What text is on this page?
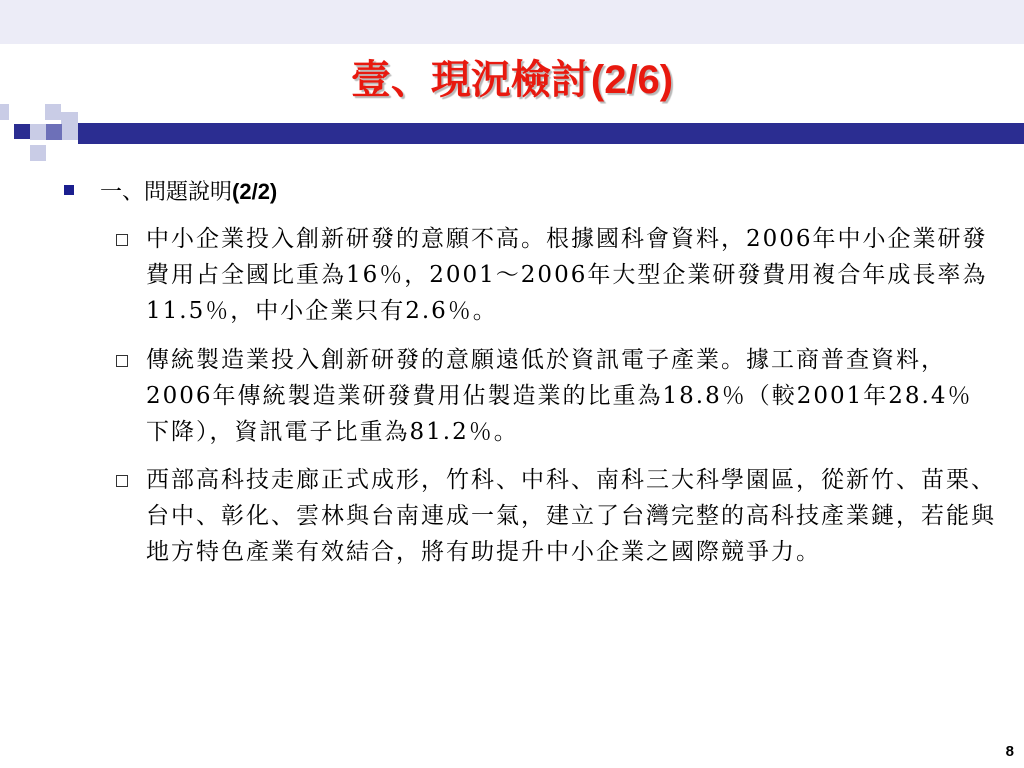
壹、現況檢討(2/6)
一、問題說明(2/2)
中小企業投入創新研發的意願不高。根據國科會資料，2006年中小企業研發費用占全國比重為16％，2001～2006年大型企業研發費用複合年成長率為11.5％，中小企業只有2.6％。
傳統製造業投入創新研發的意願遠低於資訊電子產業。據工商普查資料，2006年傳統製造業研發費用佔製造業的比重為18.8％（較2001年28.4％下降），資訊電子比重為81.2％。
西部高科技走廊正式成形，竹科、中科、南科三大科學園區，從新竹、苗栗、台中、彰化、雲林與台南連成一氣，建立了台灣完整的高科技產業鏈，若能與地方特色產業有效結合，將有助提升中小企業之國際競爭力。
8
